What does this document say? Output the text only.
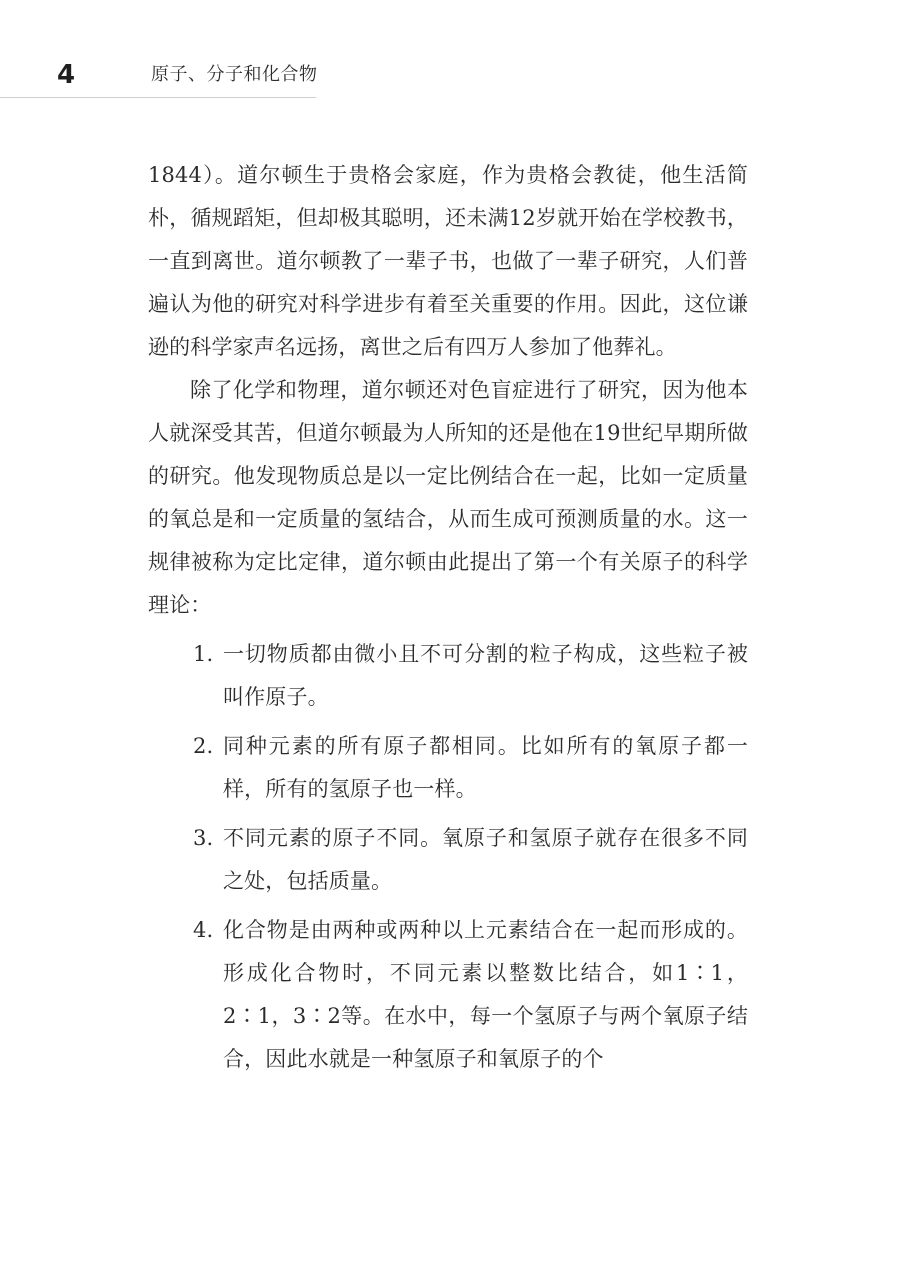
4	原子、分子和化合物

1844）。道尔顿生于贵格会家庭，作为贵格会教徒，他生活简朴，循规蹈矩，但却极其聪明，还未满12岁就开始在学校教书，一直到离世。道尔顿教了一辈子书，也做了一辈子研究，人们普遍认为他的研究对科学进步有着至关重要的作用。因此，这位谦逊的科学家声名远扬，离世之后有四万人参加了他葬礼。

除了化学和物理，道尔顿还对色盲症进行了研究，因为他本人就深受其苦，但道尔顿最为人所知的还是他在19世纪早期所做的研究。他发现物质总是以一定比例结合在一起，比如一定质量的氧总是和一定质量的氢结合，从而生成可预测质量的水。这一规律被称为定比定律，道尔顿由此提出了第一个有关原子的科学理论：

1. 一切物质都由微小且不可分割的粒子构成，这些粒子被叫作原子。
2. 同种元素的所有原子都相同。比如所有的氧原子都一样，所有的氢原子也一样。
3. 不同元素的原子不同。氧原子和氢原子就存在很多不同之处，包括质量。
4. 化合物是由两种或两种以上元素结合在一起而形成的。形成化合物时，不同元素以整数比结合，如1∶1，2∶1，3∶2等。在水中，每一个氢原子与两个氧原子结合，因此水就是一种氢原子和氧原子的个
